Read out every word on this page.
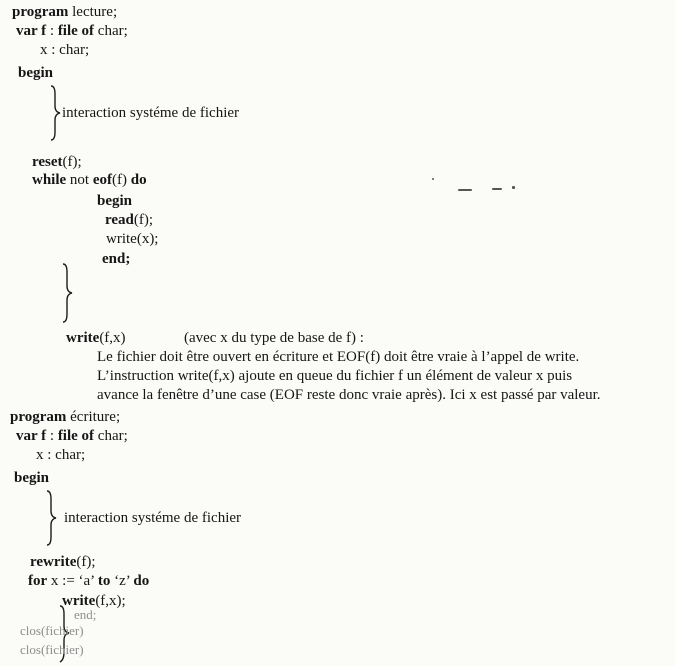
program lecture;
var f : file of char;
x : char;
begin
interaction systéme de fichier
reset(f);
while not eof(f) do
begin
read(f);
write(x);
end;
write(f,x)	(avec x du type de base de f) :
Le fichier doit être ouvert en écriture et EOF(f) doit être vraie à l’appel de write.
L’instruction write(f,x) ajoute en queue du fichier f un élément de valeur x puis
avance la fenêtre d’une case (EOF reste donc vraie après). Ici x est passé par valeur.
program écriture;
var f : file of char;
x : char;
begin
interaction systéme de fichier
rewrite(f);
for x := ‘a’ to ‘z’ do
write(f,x);
end;
clos(fichier)
clos(fichier)
